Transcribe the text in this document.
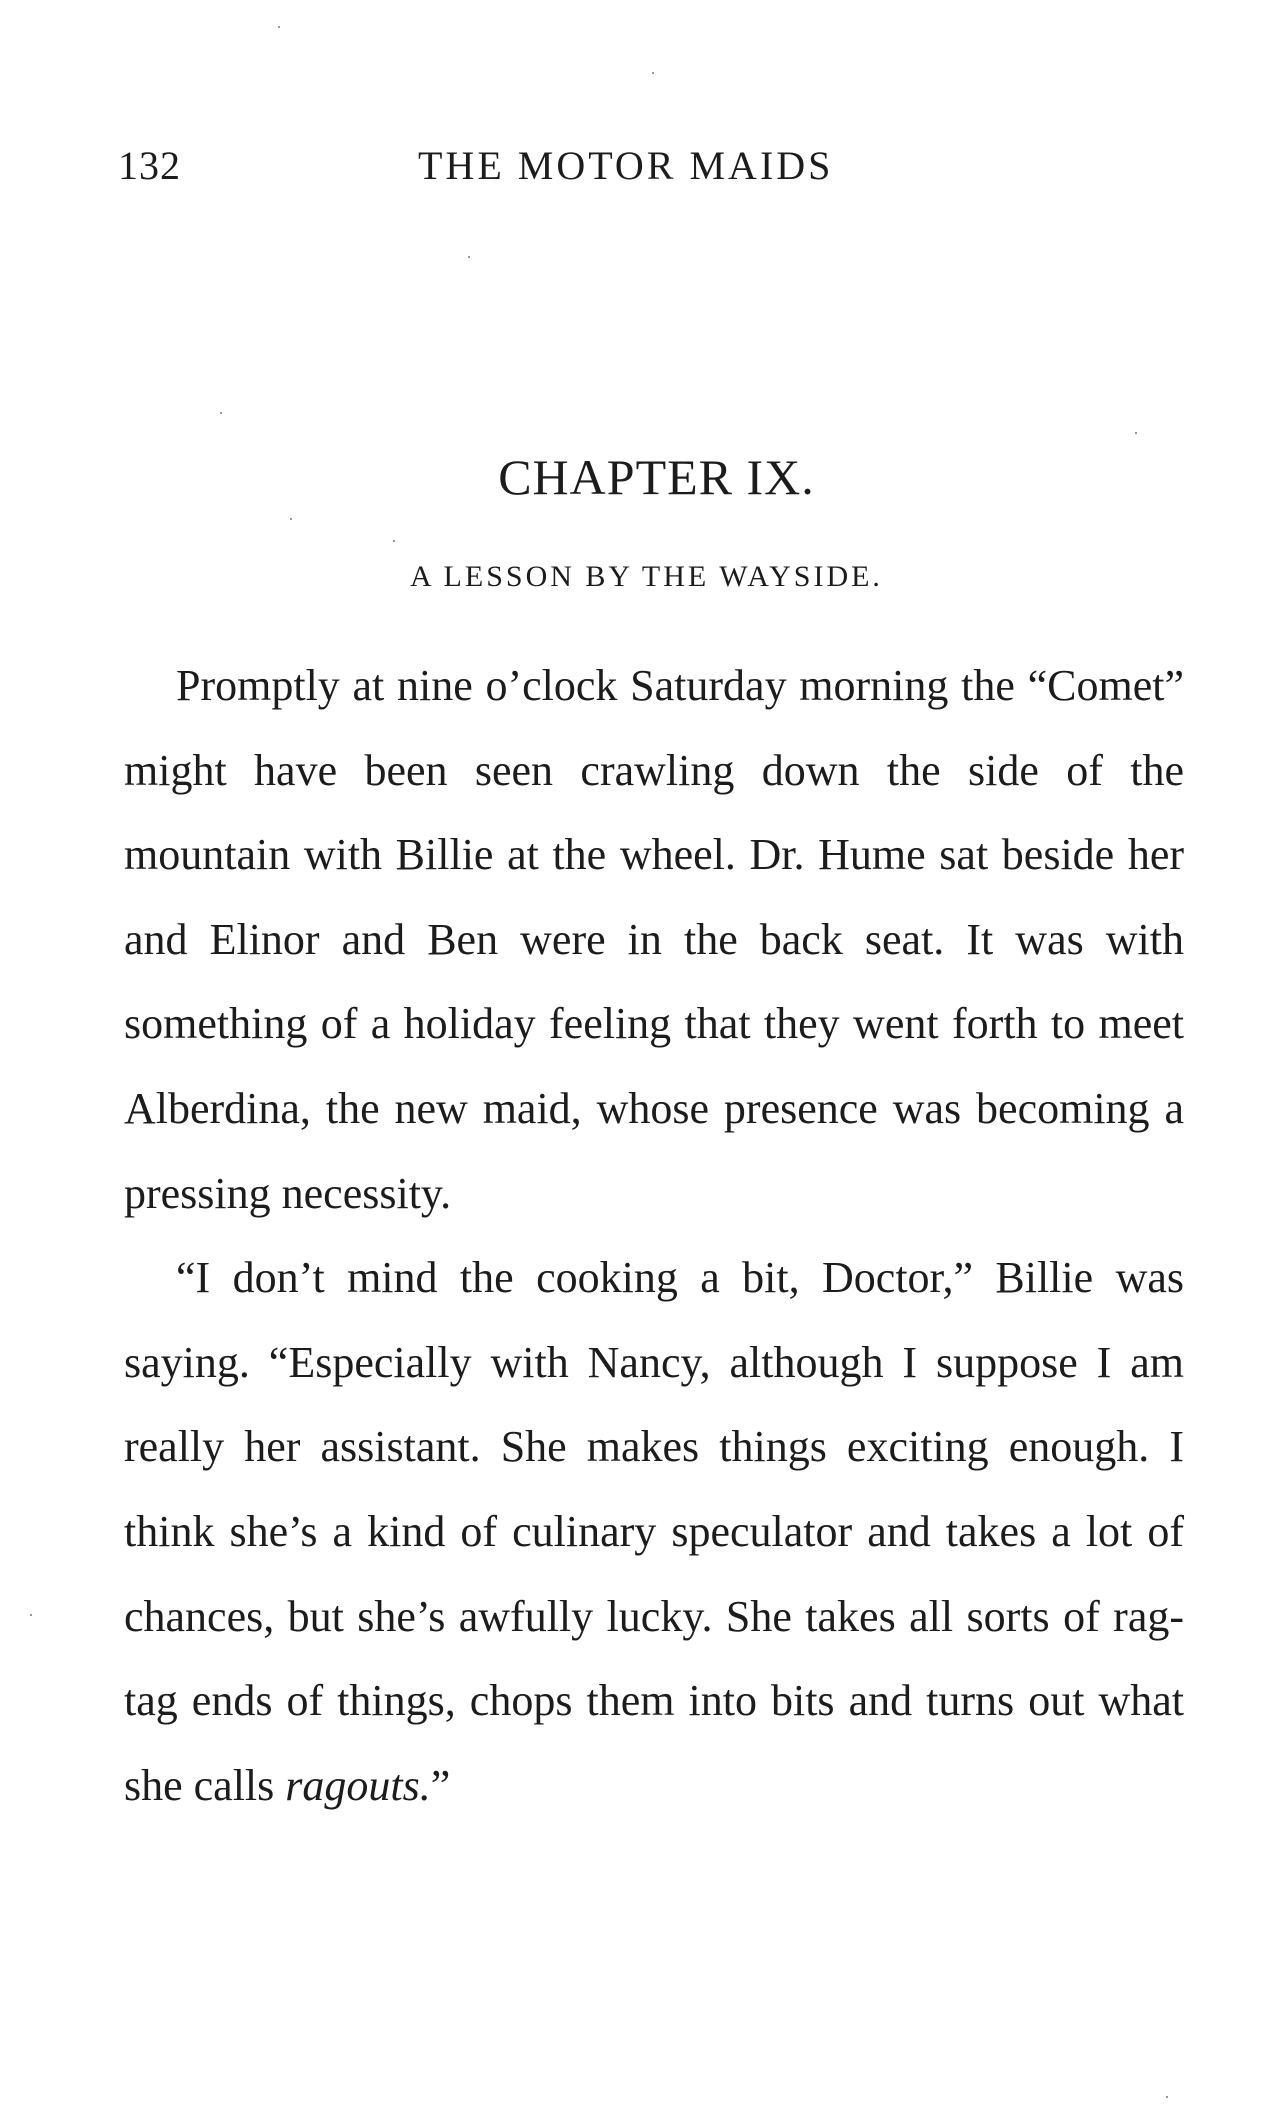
132	THE MOTOR MAIDS
CHAPTER IX.
A LESSON BY THE WAYSIDE.

Promptly at nine o’clock Saturday morning the “Comet” might have been seen crawling down the side of the mountain with Billie at the wheel. Dr. Hume sat beside her and Elinor and Ben were in the back seat. It was with something of a holiday feeling that they went forth to meet Alberdina, the new maid, whose presence was becoming a pressing necessity.

“I don’t mind the cooking a bit, Doctor,” Billie was saying. “Especially with Nancy, although I suppose I am really her assistant. She makes things exciting enough. I think she’s a kind of culinary speculator and takes a lot of chances, but she’s awfully lucky. She takes all sorts of rag-tag ends of things, chops them into bits and turns out what she calls ragouts.”
